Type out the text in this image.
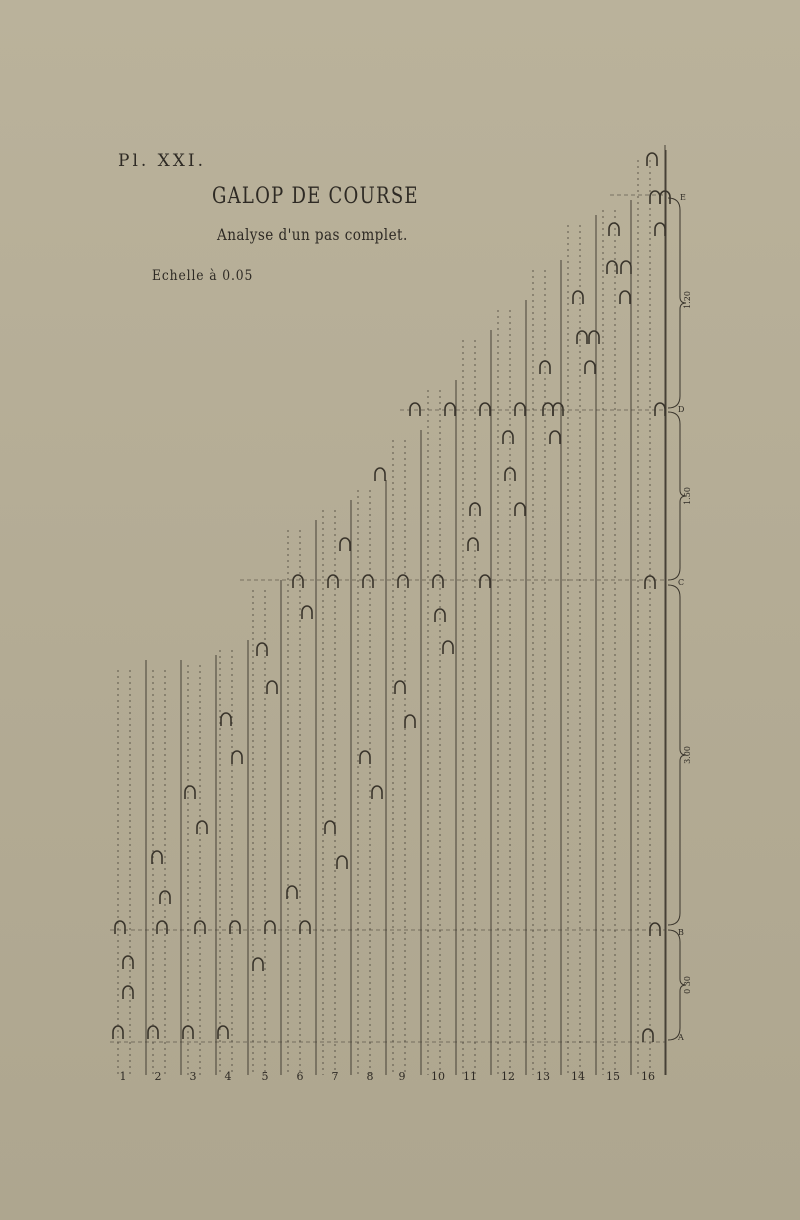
Pl. XXI.

GALOP DE COURSE

Analyse d'un pas complet.

Echelle à 0.05

1	2	3	4	5	6	7	8 9 10 11 12 13 14 15 16
0 30
3.00
1.50
1.20
A
B
C
D
E
